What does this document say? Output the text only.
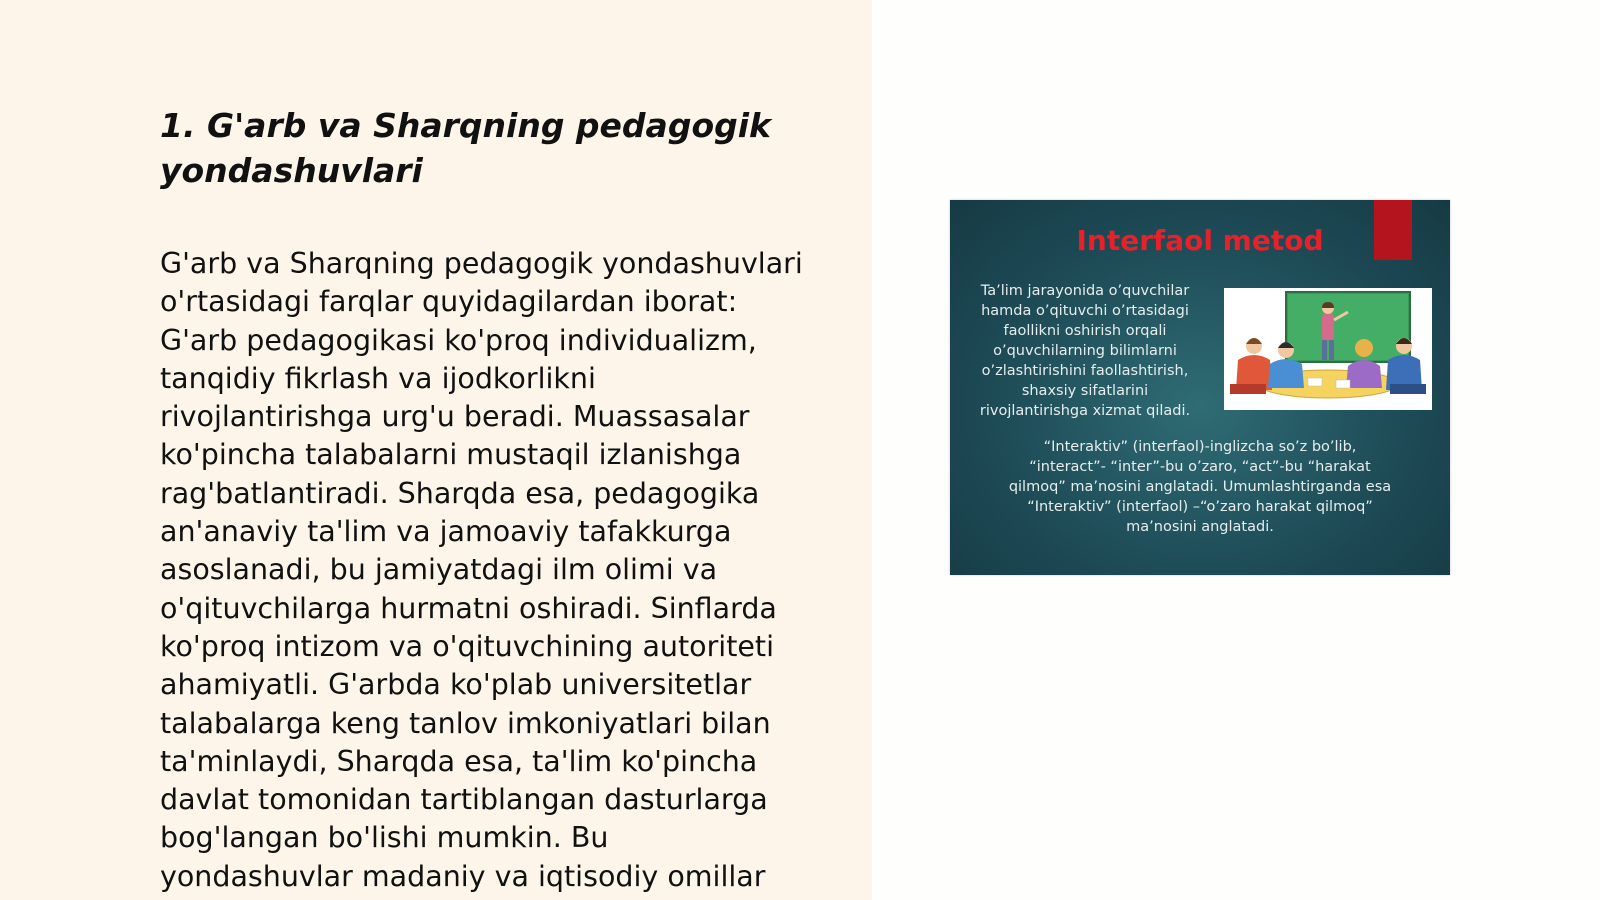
1. G'arb va Sharqning pedagogik yondashuvlari

G'arb va Sharqning pedagogik yondashuvlari
o'rtasidagi farqlar quyidagilardan iborat:
G'arb pedagogikasi ko'proq individualizm,
tanqidiy fikrlash va ijodkorlikni
rivojlantirishga urg'u beradi. Muassasalar
ko'pincha talabalarni mustaqil izlanishga
rag'batlantiradi. Sharqda esa, pedagogika
an'anaviy ta'lim va jamoaviy tafakkurga
asoslanadi, bu jamiyatdagi ilm olimi va
o'qituvchilarga hurmatni oshiradi. Sinflarda
ko'proq intizom va o'qituvchining autoriteti
ahamiyatli. G'arbda ko'plab universitetlar
talabalarga keng tanlov imkoniyatlari bilan
ta'minlaydi, Sharqda esa, ta'lim ko'pincha
davlat tomonidan tartiblangan dasturlarga
bog'langan bo'lishi mumkin. Bu
yondashuvlar madaniy va iqtisodiy omillar

Interfaol metod
Ta’lim jarayonida o’quvchilar
hamda o’qituvchi o’rtasidagi
faollikni oshirish orqali
o’quvchilarning bilimlarni
o’zlashtirishini faollashtirish,
shaxsiy sifatlarini
rivojlantirishga xizmat qiladi.
“Interaktiv” (interfaol)-inglizcha so’z bo’lib,
“interact”- “inter”-bu o’zaro, “act”-bu “harakat
qilmoq” ma’nosini anglatadi. Umumlashtirganda esa
“Interaktiv” (interfaol) –“o’zaro harakat qilmoq”
ma’nosini anglatadi.
